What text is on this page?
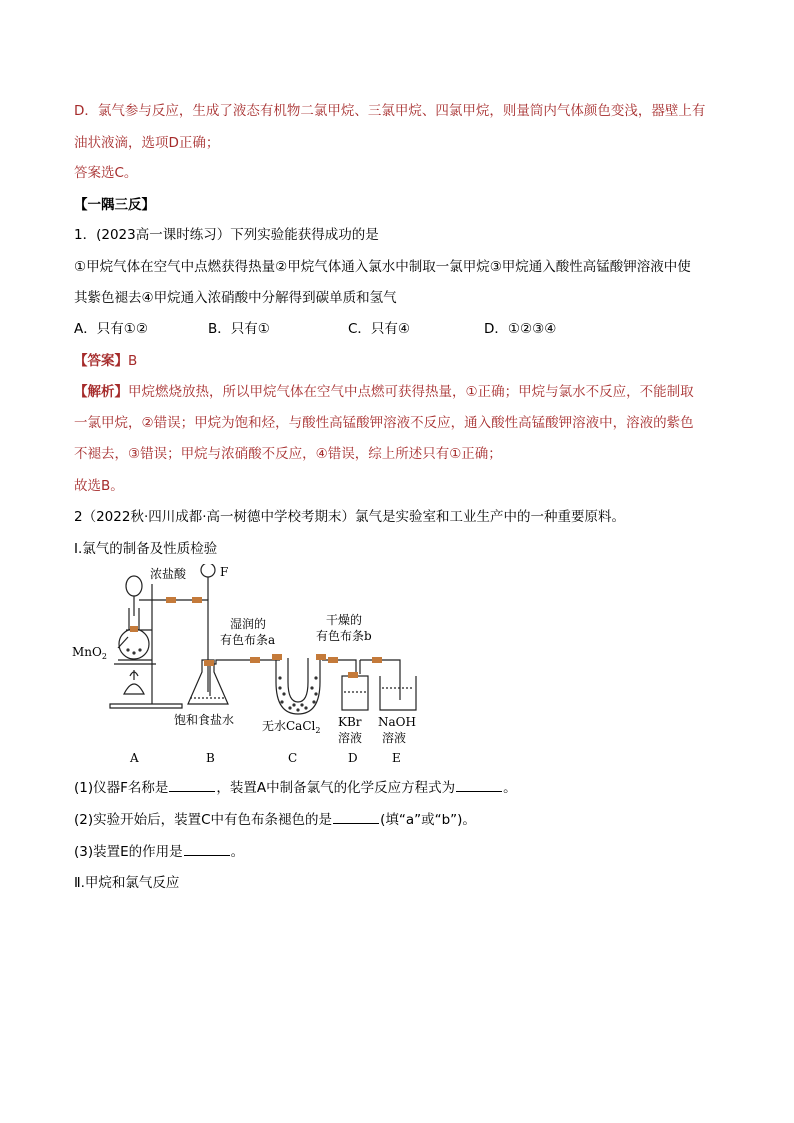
D．氯气参与反应，生成了液态有机物二氯甲烷、三氯甲烷、四氯甲烷，则量筒内气体颜色变浅，器壁上有
油状液滴，选项D正确；
答案选C。
【一隅三反】
1．(2023高一课时练习）下列实验能获得成功的是
①甲烷气体在空气中点燃获得热量②甲烷气体通入氯水中制取一氯甲烷③甲烷通入酸性高锰酸钾溶液中使
其紫色褪去④甲烷通入浓硝酸中分解得到碳单质和氢气
A．只有①②	B．只有①	C．只有④	D．①②③④
【答案】B
【解析】甲烷燃烧放热，所以甲烷气体在空气中点燃可获得热量，①正确；甲烷与氯水不反应，不能制取
一氯甲烷，②错误；甲烷为饱和烃，与酸性高锰酸钾溶液不反应，通入酸性高锰酸钾溶液中，溶液的紫色
不褪去，③错误；甲烷与浓硝酸不反应，④错误，综上所述只有①正确；
故选B。
2（2022秋·四川成都·高一树德中学校考期末）氯气是实验室和工业生产中的一种重要原料。
Ⅰ.氯气的制备及性质检验
浓盐酸	F
MnO$_2$
湿润的
有色布条a
干燥的
有色布条b
饱和食盐水 无水CaCl$_2$
KBr
溶液
NaOH
溶液
A	B	C	D	E
(1)仪器F名称是	，装置A中制备氯气的化学反应方程式为	。
(2)实验开始后，装置C中有色布条褪色的是	(填“a”或“b”)。
(3)装置E的作用是	。
Ⅱ.甲烷和氯气反应
